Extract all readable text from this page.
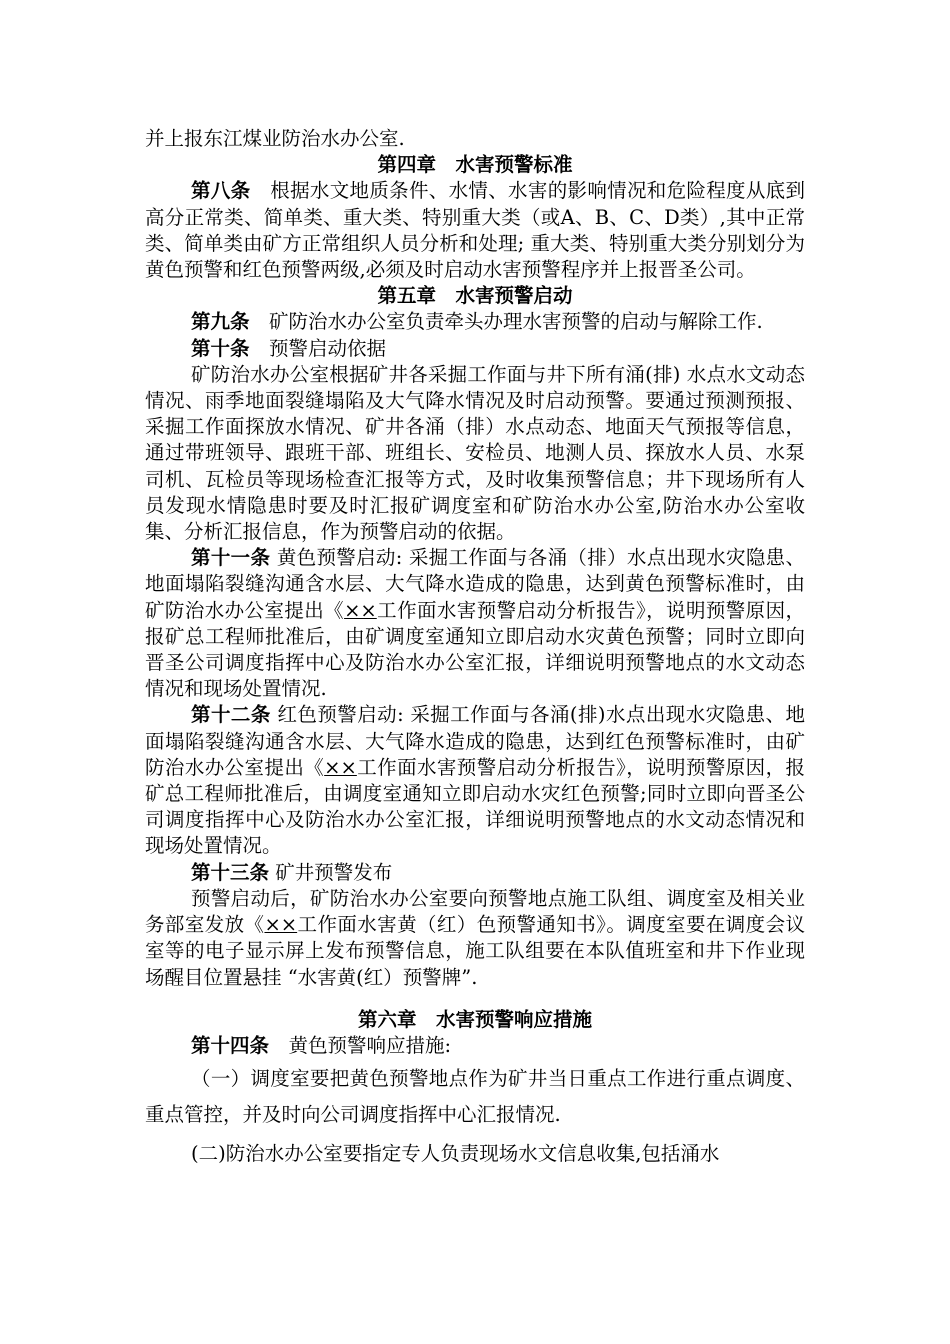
并上报东江煤业防治水办公室.

第四章　水害预警标准

第八条　根据水文地质条件、水情、水害的影响情况和危险程度从底到高分正常类、简单类、重大类、特别重大类（或A、B、C、D类）,其中正常类、简单类由矿方正常组织人员分析和处理; 重大类、特别重大类分别划分为黄色预警和红色预警两级,必须及时启动水害预警程序并上报晋圣公司。

第五章　水害预警启动

第九条　矿防治水办公室负责牵头办理水害预警的启动与解除工作.

第十条　预警启动依据

矿防治水办公室根据矿井各采掘工作面与井下所有涌(排) 水点水文动态情况、雨季地面裂缝塌陷及大气降水情况及时启动预警。要通过预测预报、采掘工作面探放水情况、矿井各涌（排）水点动态、地面天气预报等信息，通过带班领导、跟班干部、班组长、安检员、地测人员、探放水人员、水泵司机、瓦检员等现场检查汇报等方式，及时收集预警信息；井下现场所有人员发现水情隐患时要及时汇报矿调度室和矿防治水办公室,防治水办公室收集、分析汇报信息，作为预警启动的依据。

第十一条 黄色预警启动: 采掘工作面与各涌（排）水点出现水灾隐患、地面塌陷裂缝沟通含水层、大气降水造成的隐患，达到黄色预警标准时，由矿防治水办公室提出《××工作面水害预警启动分析报告》，说明预警原因，报矿总工程师批准后，由矿调度室通知立即启动水灾黄色预警；同时立即向晋圣公司调度指挥中心及防治水办公室汇报，详细说明预警地点的水文动态情况和现场处置情况.

第十二条 红色预警启动: 采掘工作面与各涌(排)水点出现水灾隐患、地面塌陷裂缝沟通含水层、大气降水造成的隐患，达到红色预警标准时，由矿防治水办公室提出《××工作面水害预警启动分析报告》，说明预警原因，报矿总工程师批准后，由调度室通知立即启动水灾红色预警;同时立即向晋圣公司调度指挥中心及防治水办公室汇报，详细说明预警地点的水文动态情况和现场处置情况。

第十三条 矿井预警发布

预警启动后，矿防治水办公室要向预警地点施工队组、调度室及相关业务部室发放《××工作面水害黄（红）色预警通知书》。调度室要在调度会议室等的电子显示屏上发布预警信息，施工队组要在本队值班室和井下作业现场醒目位置悬挂 “水害黄(红）预警牌”.

第六章　水害预警响应措施

第十四条　黄色预警响应措施:

（一）调度室要把黄色预警地点作为矿井当日重点工作进行重点调度、重点管控，并及时向公司调度指挥中心汇报情况.

(二)防治水办公室要指定专人负责现场水文信息收集,包括涌水
